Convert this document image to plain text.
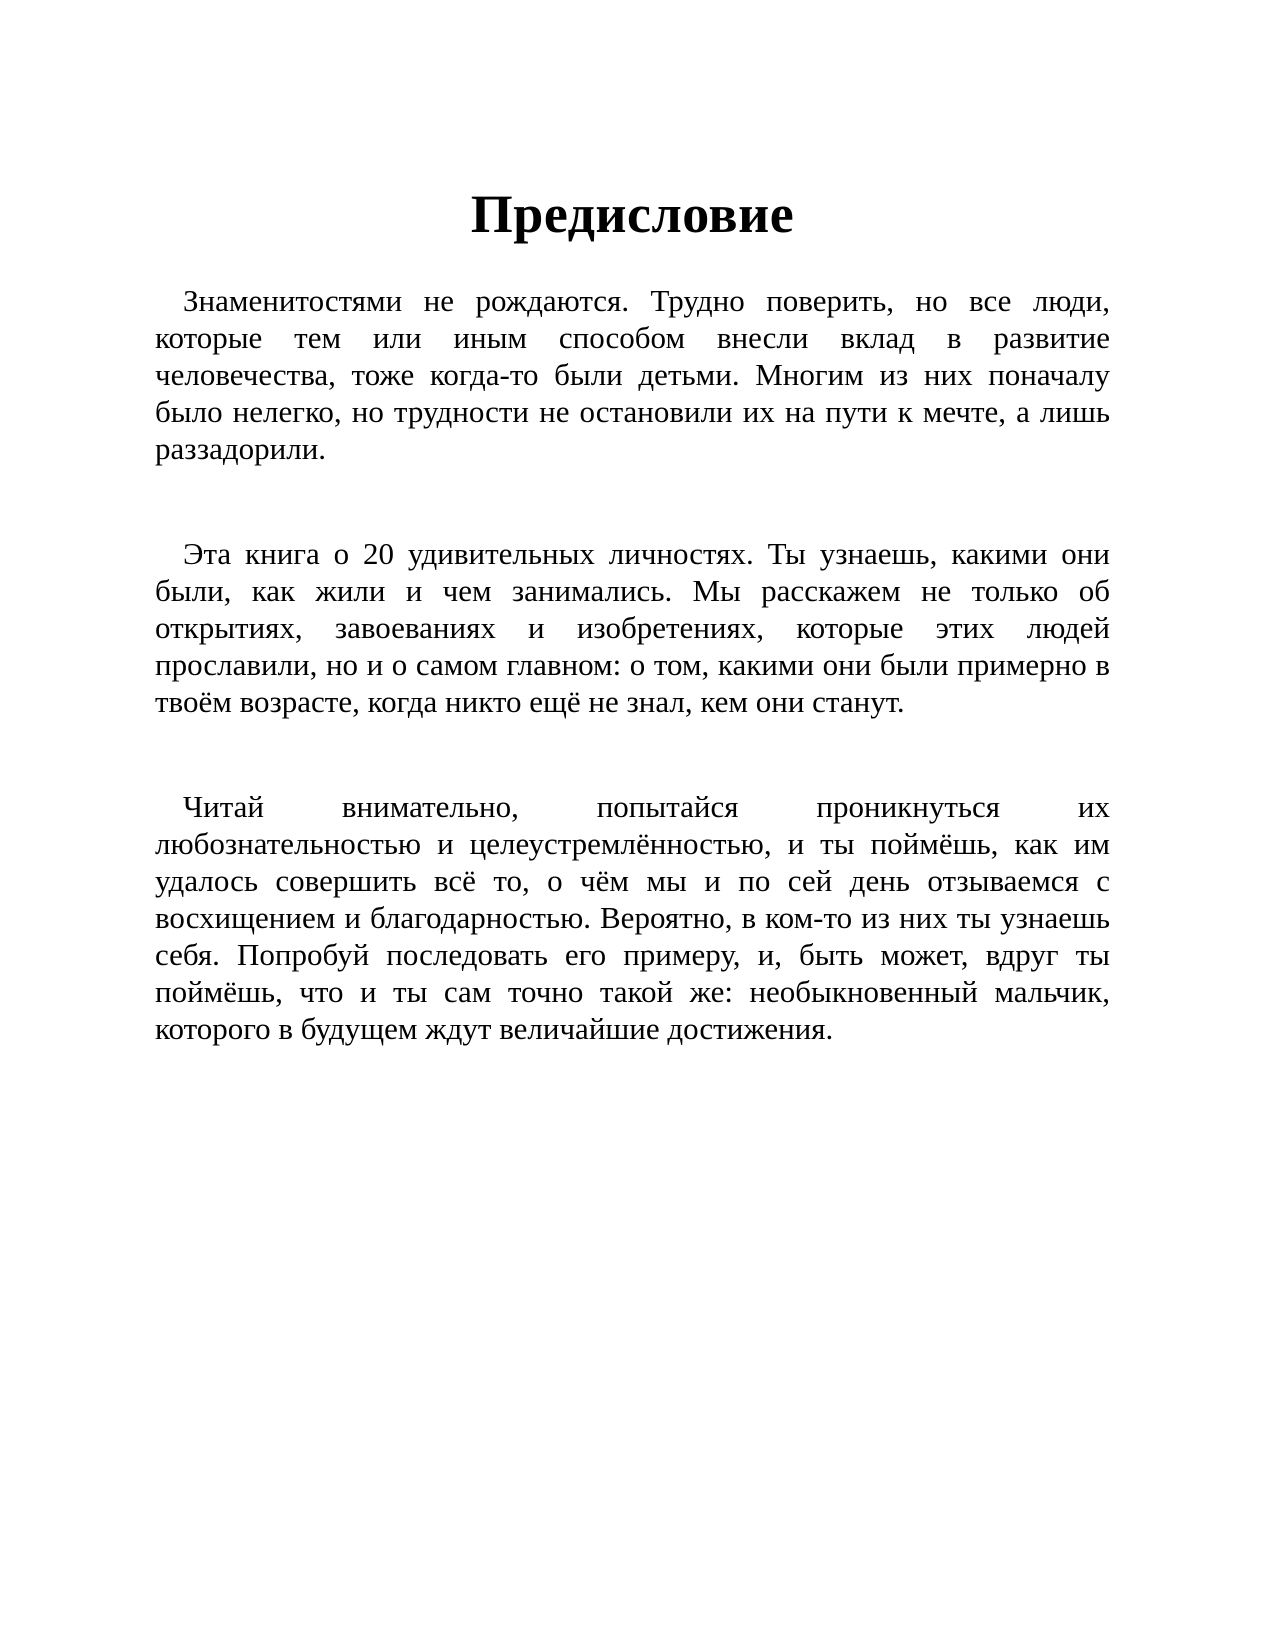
Предисловие
Знаменитостями не рождаются. Трудно поверить, но все люди,
которые тем или иным способом внесли вклад в развитие
человечества, тоже когда-то были детьми. Многим из них поначалу
было нелегко, но трудности не остановили их на пути к мечте, а лишь
раззадорили.
Эта книга о 20 удивительных личностях. Ты узнаешь, какими они
были, как жили и чем занимались. Мы расскажем не только об
открытиях, завоеваниях и изобретениях, которые этих людей
прославили, но и о самом главном: о том, какими они были примерно в
твоём возрасте, когда никто ещё не знал, кем они станут.
Читай внимательно, попытайся проникнуться их
любознательностью и целеустремлённостью, и ты поймёшь, как им
удалось совершить всё то, о чём мы и по сей день отзываемся с
восхищением и благодарностью. Вероятно, в ком-то из них ты узнаешь
себя. Попробуй последовать его примеру, и, быть может, вдруг ты
поймёшь, что и ты сам точно такой же: необыкновенный мальчик,
которого в будущем ждут величайшие достижения.
